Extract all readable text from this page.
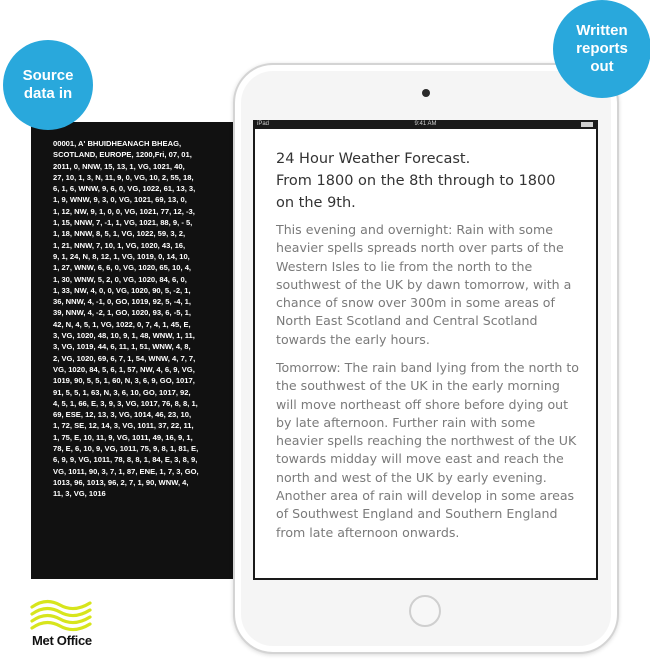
00001, A' BHUIDHEANACH BHEAG,
SCOTLAND, EUROPE, 1200,Fri, 07, 01,
2011, 0, NNW, 15, 13, 1, VG, 1021, 40,
27, 10, 1, 3, N, 11, 9, 0, VG, 10, 2, 55, 18,
6, 1, 6, WNW, 9, 6, 0, VG, 1022, 61, 13, 3,
1, 9, WNW, 9, 3, 0, VG, 1021, 69, 13, 0,
1, 12, NW, 9, 1, 0, 0, VG, 1021, 77, 12, -3,
1, 15, NNW, 7, -1, 1, VG, 1021, 88, 9, - 5,
1, 18, NNW, 8, 5, 1, VG, 1022, 59, 3, 2,
1, 21, NNW, 7, 10, 1, VG, 1020, 43, 16,
9, 1, 24, N, 8, 12, 1, VG, 1019, 0, 14, 10,
1, 27, WNW, 6, 6, 0, VG, 1020, 65, 10, 4,
1, 30, WNW, 5, 2, 0, VG, 1020, 84, 6, 0,
1, 33, NW, 4, 0, 0, VG, 1020, 90, 5, -2, 1,
36, NNW, 4, -1, 0, GO, 1019, 92, 5, -4, 1,
39, NNW, 4, -2, 1, GO, 1020, 93, 6, -5, 1,
42, N, 4, 5, 1, VG, 1022, 0, 7, 4, 1, 45, E,
3, VG, 1020, 48, 10, 9, 1, 48, WNW, 1, 11,
3, VG, 1019, 44, 6, 11, 1, 51, WNW, 4, 8,
2, VG, 1020, 69, 6, 7, 1, 54, WNW, 4, 7, 7,
VG, 1020, 84, 5, 6, 1, 57, NW, 4, 6, 9, VG,
1019, 90, 5, 5, 1, 60, N, 3, 6, 9, GO, 1017,
91, 5, 5, 1, 63, N, 3, 6, 10, GO, 1017, 92,
4, 5, 1, 66, E, 3, 9, 3, VG, 1017, 76, 8, 8, 1,
69, ESE, 12, 13, 3, VG, 1014, 46, 23, 10,
1, 72, SE, 12, 14, 3, VG, 1011, 37, 22, 11,
1, 75, E, 10, 11, 9, VG, 1011, 49, 16, 9, 1,
78, E, 6, 10, 9, VG, 1011, 75, 9, 8, 1, 81, E,
6, 9, 9, VG, 1011, 78, 8, 8, 1, 84, E, 3, 8, 9,
VG, 1011, 90, 3, 7, 1, 87, ENE, 1, 7, 3, GO,
1013, 96, 1013, 96, 2, 7, 1, 90, WNW, 4,
11, 3, VG, 1016

Source
data in
iPad	9:41 AM
24 Hour Weather Forecast.
From 1800 on the 8th through to 1800
on the 9th.

This evening and overnight: Rain with some heavier spells spreads north over parts of the Western Isles to lie from the north to the southwest of the UK by dawn tomorrow, with a chance of snow over 300m in some areas of North East Scotland and Central Scotland towards the early hours.

Tomorrow: The rain band lying from the north to the southwest of the UK in the early morning will move northeast off shore before dying out by late afternoon. Further rain with some heavier spells reaching the northwest of the UK towards midday will move east and reach the north and west of the UK by early evening. Another area of rain will develop in some areas of Southwest England and Southern England from late afternoon onwards.

Written
reports
out
Met Office
